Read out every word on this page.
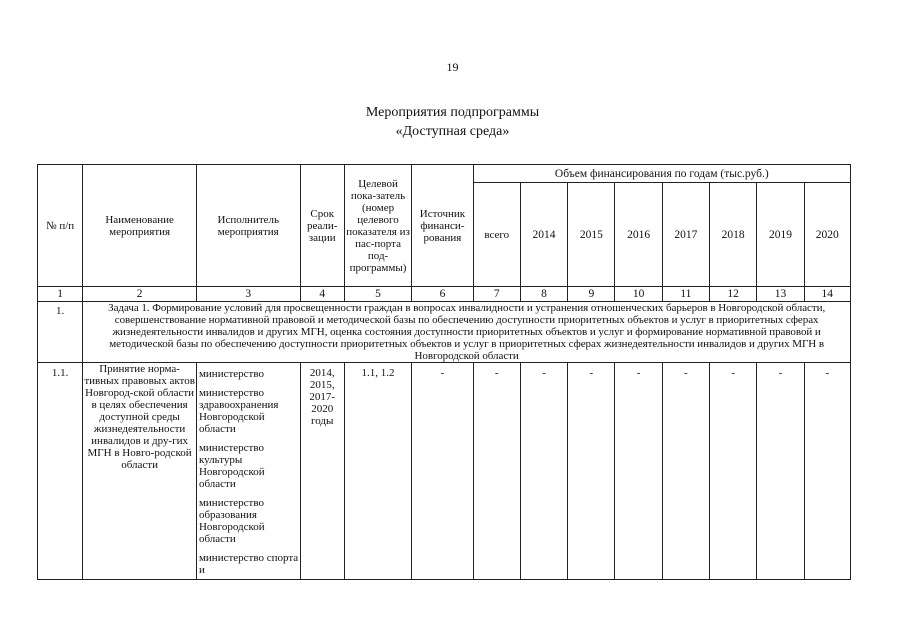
19
Мероприятия подпрограммы
«Доступная среда»
№ п/п	Наименование мероприятия	Исполнитель мероприятия	Срок реали-зации	Целевой пока-затель (номер целевого показателя из пас-порта под-программы)	Источник финанси-рования	Объем финансирования по годам (тыс.руб.)							
						всего	2014	2015	2016	2017	2018	2019	2020
1	2	3	4	5	6	7	8	9	10	11	12	13	14
1.	Задача 1. Формирование условий для просвещенности граждан в вопросах инвалидности и устранения отношенческих барьеров в Новгородской области, совершенствование нормативной правовой и методической базы по обеспечению доступности приоритетных объектов и услуг в приоритетных сферах жизнедеятельности инвалидов и других МГН, оценка состояния доступности приоритетных объектов и услуг и формирование нормативной правовой и методической базы по обеспечению доступности приоритетных объектов и услуг в приоритетных сферах жизнедеятельности инвалидов и других МГН в Новгородской области												
1.1.	Принятие норма-тивных правовых актов Новгород-ской области в целях обеспечения доступной среды жизнедеятельности инвалидов и дру-гих МГН в Новго-родской области	министерство
министерство здравоохранения Новгородской области
министерство культуры Новгородской области
министерство образования Новгородской области
министерство спорта и	2014, 2015, 2017-2020 годы	1.1, 1.2	-	-	-	-	-	-	-	-	-
